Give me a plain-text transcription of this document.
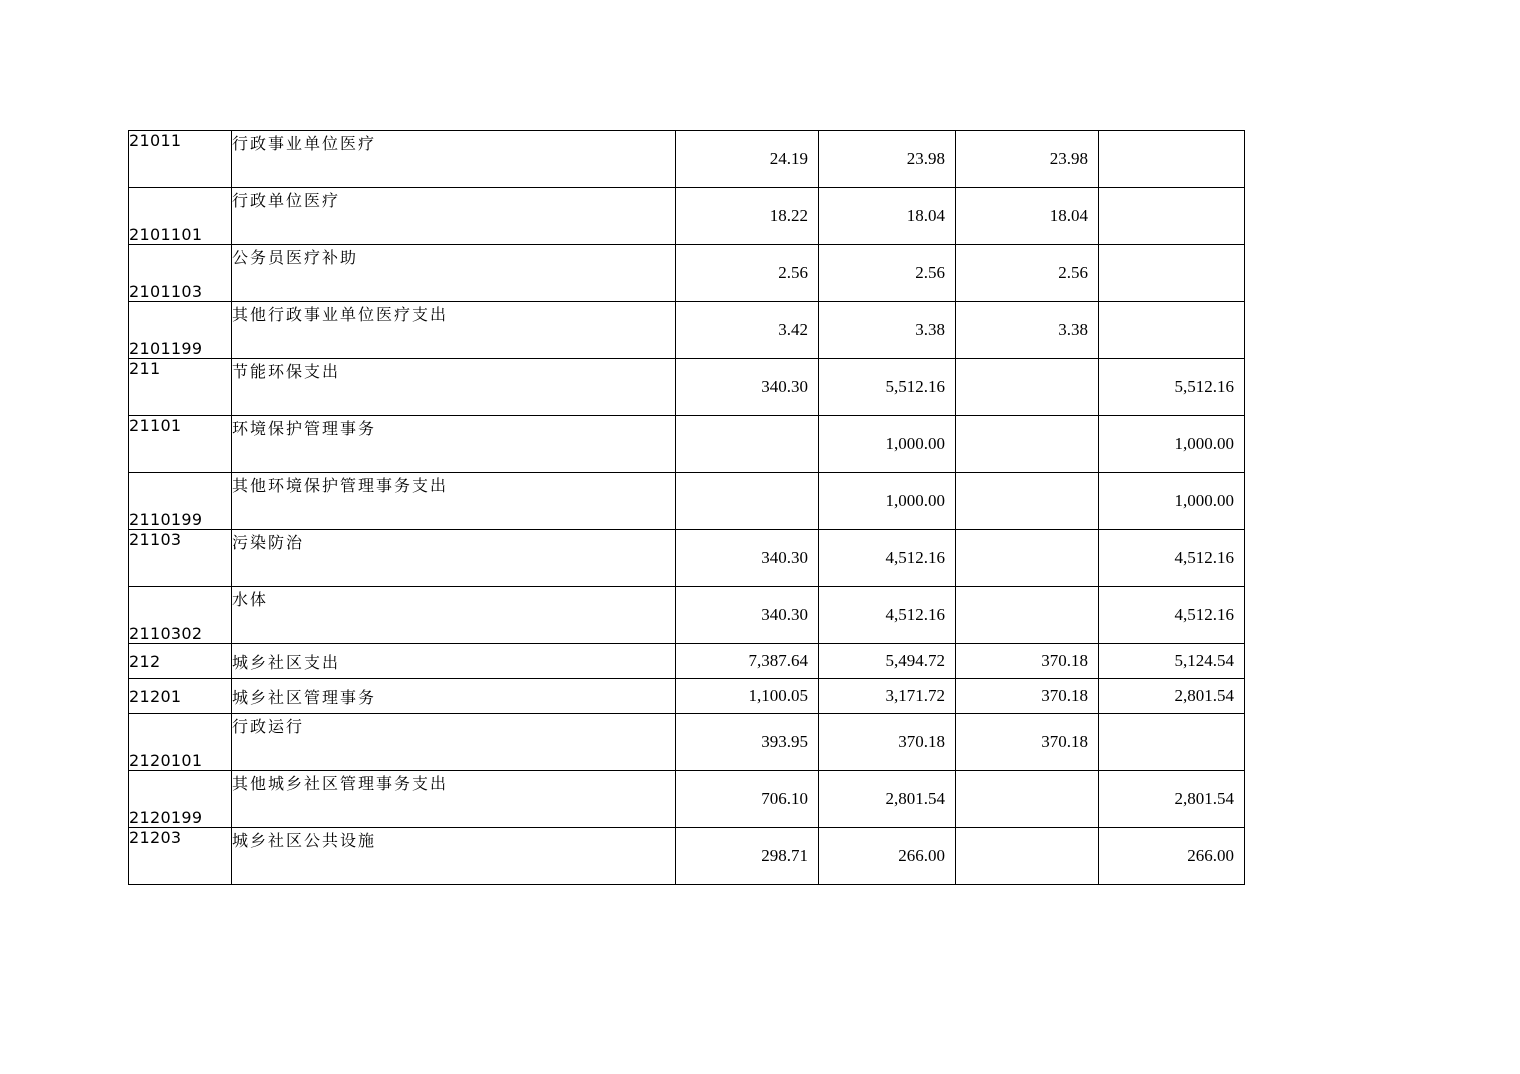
21011	行政事业单位医疗	24.19	23.98	23.98	
2101101	行政单位医疗	18.22	18.04	18.04	
2101103	公务员医疗补助	2.56	2.56	2.56	
2101199	其他行政事业单位医疗支出	3.42	3.38	3.38	
211	节能环保支出	340.30	5,512.16		5,512.16
21101	环境保护管理事务		1,000.00		1,000.00
2110199	其他环境保护管理事务支出		1,000.00		1,000.00
21103	污染防治	340.30	4,512.16		4,512.16
2110302	水体	340.30	4,512.16		4,512.16
212	城乡社区支出	7,387.64	5,494.72	370.18	5,124.54
21201	城乡社区管理事务	1,100.05	3,171.72	370.18	2,801.54
2120101	行政运行	393.95	370.18	370.18	
2120199	其他城乡社区管理事务支出	706.10	2,801.54		2,801.54
21203	城乡社区公共设施	298.71	266.00		266.00
